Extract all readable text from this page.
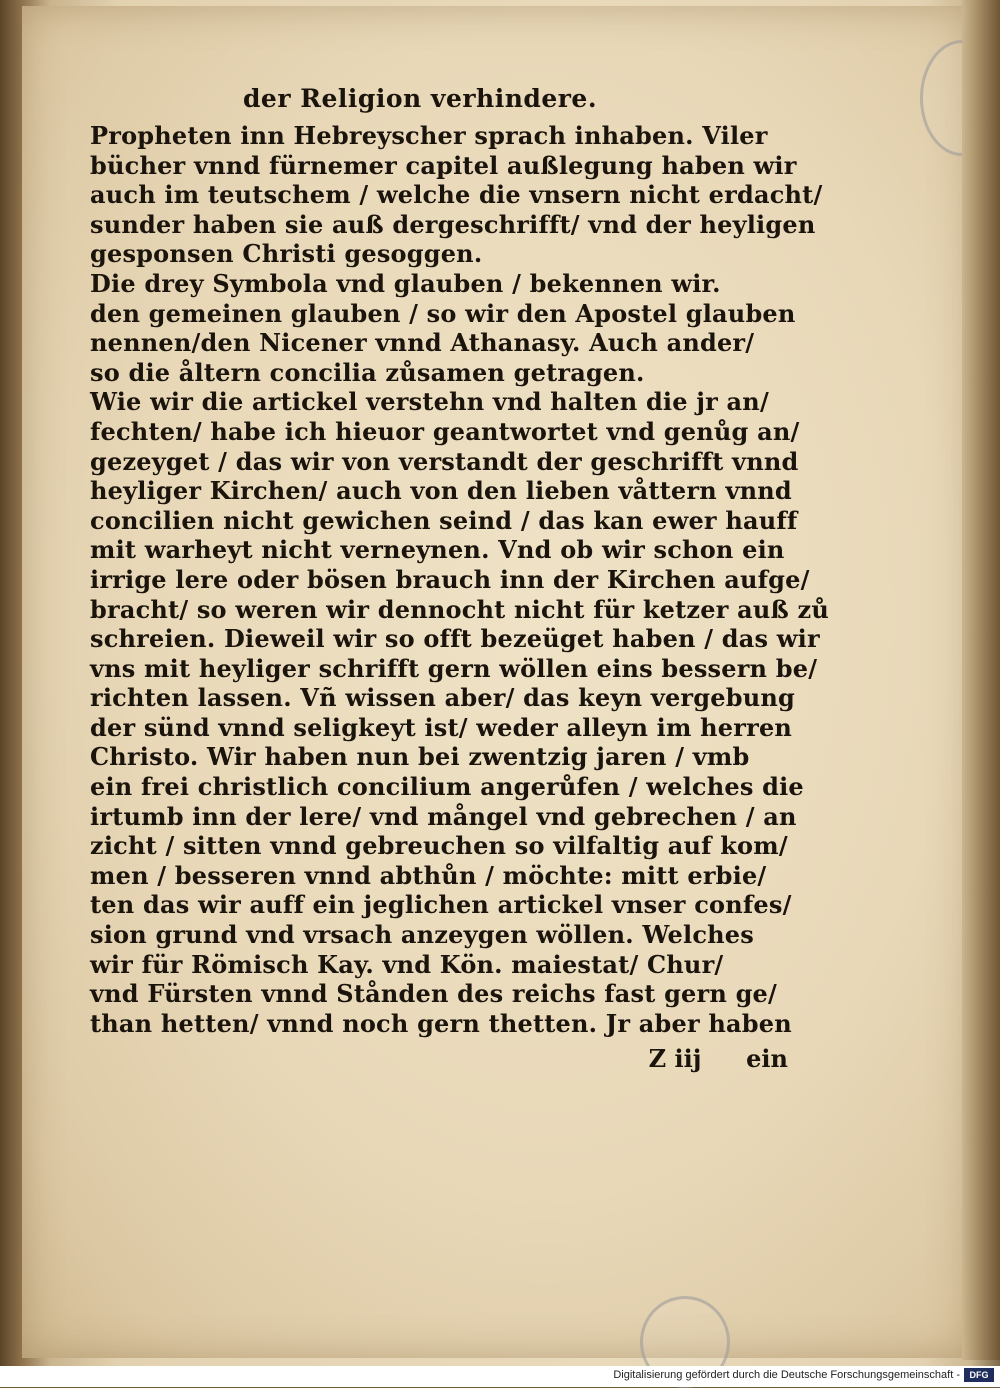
der Religion verhindere.
Propheten inn Hebreyscher sprach inhaben. Viler
bücher vnnd fürnemer capitel außlegung haben wir
auch im teutschem / welche die vnsern nicht erdacht/
sunder haben sie auß dergeschrifft/ vnd der heyligen
gesponsen Christi gesoggen.
Die drey Symbola vnd glauben / bekennen wir.
den gemeinen glauben / so wir den Apostel glauben
nennen/den Nicener vnnd Athanasy. Auch ander/
so die åltern concilia zůsamen getragen.
Wie wir die artickel verstehn vnd halten die jr an/
fechten/ habe ich hieuor geantwortet vnd genůg an/
gezeyget / das wir von verstandt der geschrifft vnnd
heyliger Kirchen/ auch von den lieben våttern vnnd
concilien nicht gewichen seind / das kan ewer hauff
mit warheyt nicht verneynen. Vnd ob wir schon ein
irrige lere oder bösen brauch inn der Kirchen aufge/
bracht/ so weren wir dennocht nicht für ketzer auß zů
schreien. Dieweil wir so offt bezeüget haben / das wir
vns mit heyliger schrifft gern wöllen eins bessern be/
richten lassen. Vñ wissen aber/ das keyn vergebung
der sünd vnnd seligkeyt ist/ weder alleyn im herren
Christo. Wir haben nun bei zwentzig jaren / vmb
ein frei christlich concilium angerůfen / welches die
irtumb inn der lere/ vnd mångel vnd gebrechen / an
zicht / sitten vnnd gebreuchen so vilfaltig auf kom/
men / besseren vnnd abthůn / möchte: mitt erbie/
ten das wir auff ein jeglichen artickel vnser confes/
sion grund vnd vrsach anzeygen wöllen. Welches
wir für Römisch Kay. vnd Kön. maiestat/ Chur/
vnd Fürsten vnnd Stånden des reichs fast gern ge/
than hetten/ vnnd noch gern thetten. Jr aber haben
Z iij ein
Digitalisierung gefördert durch die Deutsche Forschungsgemeinschaft -	DFG
